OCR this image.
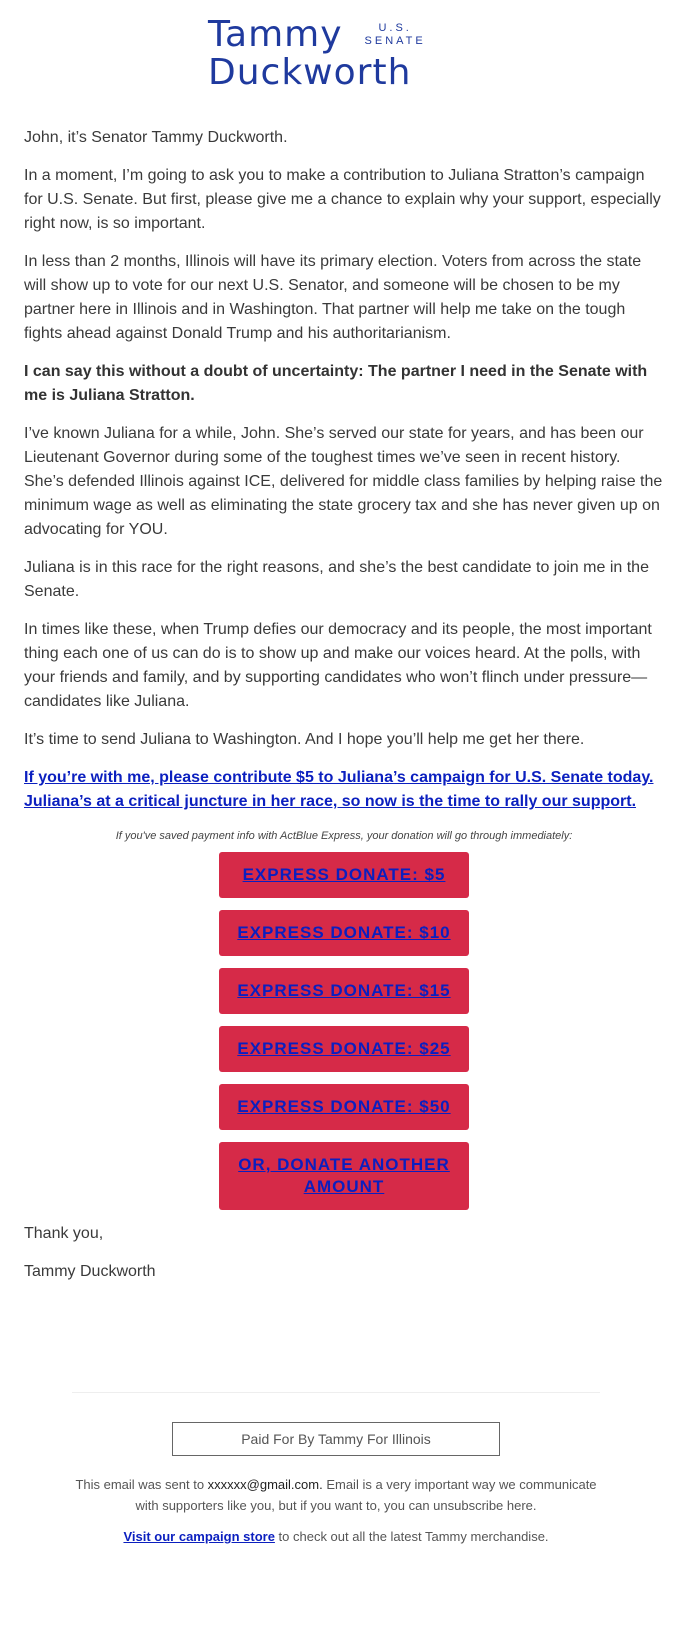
Tammy	U.S.
SENATE
Duckworth

John, it’s Senator Tammy Duckworth.

In a moment, I’m going to ask you to make a contribution to Juliana Stratton’s campaign for U.S. Senate. But first, please give me a chance to explain why your support, especially right now, is so important.

In less than 2 months, Illinois will have its primary election. Voters from across the state will show up to vote for our next U.S. Senator, and someone will be chosen to be my partner here in Illinois and in Washington. That partner will help me take on the tough fights ahead against Donald Trump and his authoritarianism.

I can say this without a doubt of uncertainty: The partner I need in the Senate with me is Juliana Stratton.

I’ve known Juliana for a while, John. She’s served our state for years, and has been our Lieutenant Governor during some of the toughest times we’ve seen in recent history. She’s defended Illinois against ICE, delivered for middle class families by helping raise the minimum wage as well as eliminating the state grocery tax and she has never given up on advocating for YOU.

Juliana is in this race for the right reasons, and she’s the best candidate to join me in the Senate.

In times like these, when Trump defies our democracy and its people, the most important thing each one of us can do is to show up and make our voices heard. At the polls, with your friends and family, and by supporting candidates who won’t flinch under pressure—candidates like Juliana.

It’s time to send Juliana to Washington. And I hope you’ll help me get her there.

If you’re with me, please contribute $5 to Juliana’s campaign for U.S. Senate today. Juliana’s at a critical juncture in her race, so now is the time to rally our support.

If you've saved payment info with ActBlue Express, your donation will go through immediately:
EXPRESS DONATE: $5
EXPRESS DONATE: $10
EXPRESS DONATE: $15
EXPRESS DONATE: $25
EXPRESS DONATE: $50
OR, DONATE ANOTHER AMOUNT

Thank you,

Tammy Duckworth

Paid For By Tammy For Illinois
This email was sent to xxxxxx@gmail.com. Email is a very important way we communicate with supporters like you, but if you want to, you can unsubscribe here.
Visit our campaign store to check out all the latest Tammy merchandise.
